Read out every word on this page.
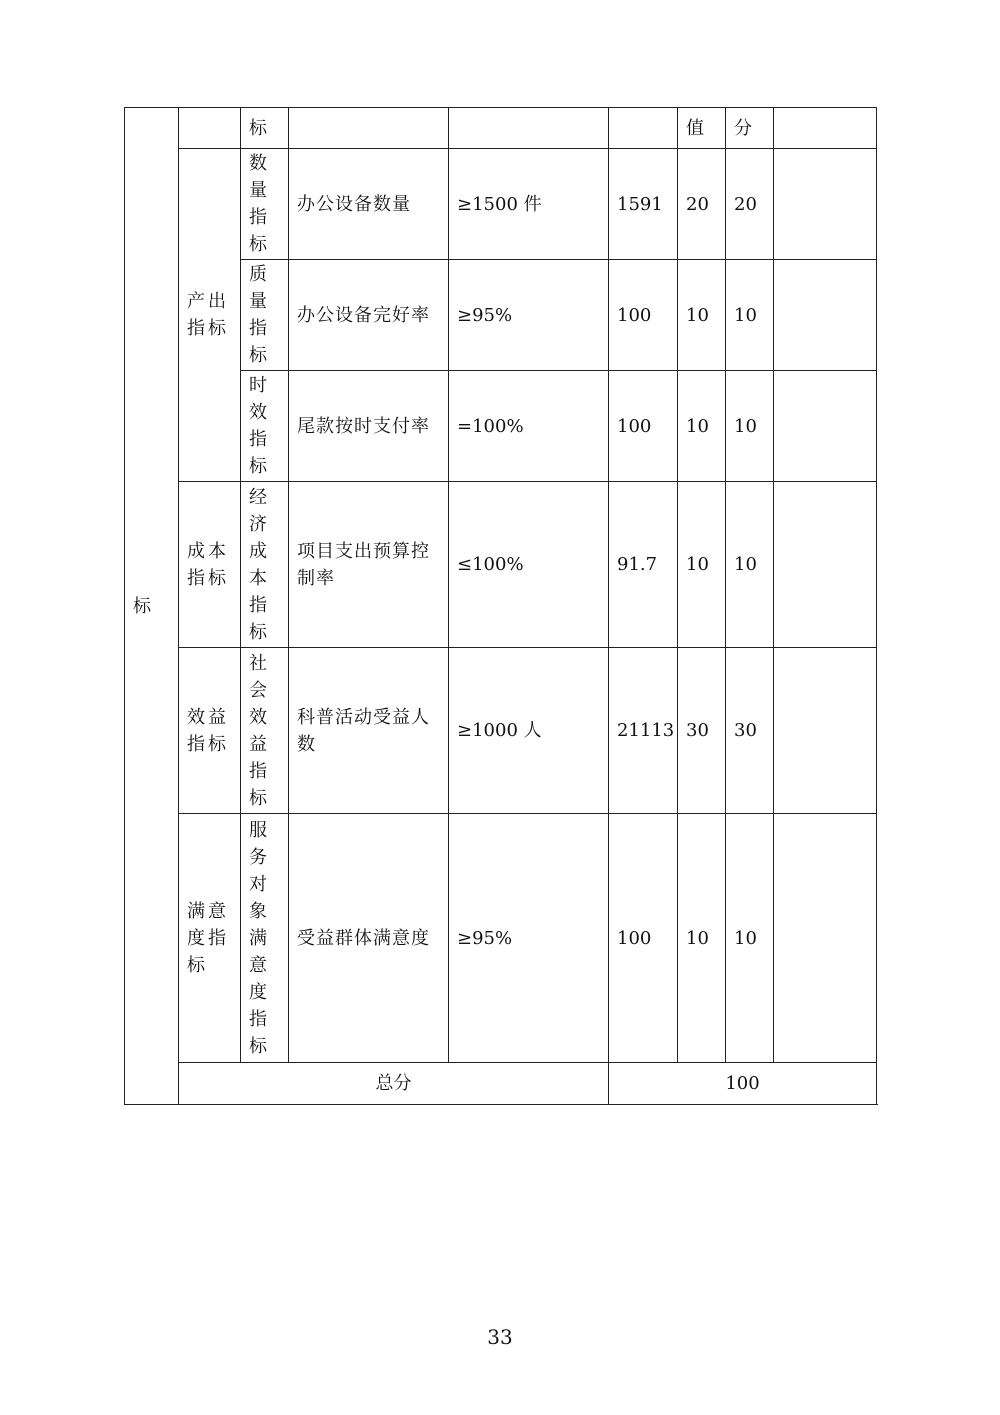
标		标				值	分	

	产出指标	数量指标	办公设备数量	≥1500 件	1591	20	20	

		质量指标	办公设备完好率	≥95%	100	10	10	

		时效指标	尾款按时支付率	=100%	100	10	10	

	成本指标	经济成本指标	项目支出预算控制率	≤100%	91.7	10	10	

	效益指标	社会效益指标	科普活动受益人数	≥1000 人	21113	30	30	

	满意度指标	服务对象满意度指标	受益群体满意度	≥95%	100	10	10	
	总分				100			
33
